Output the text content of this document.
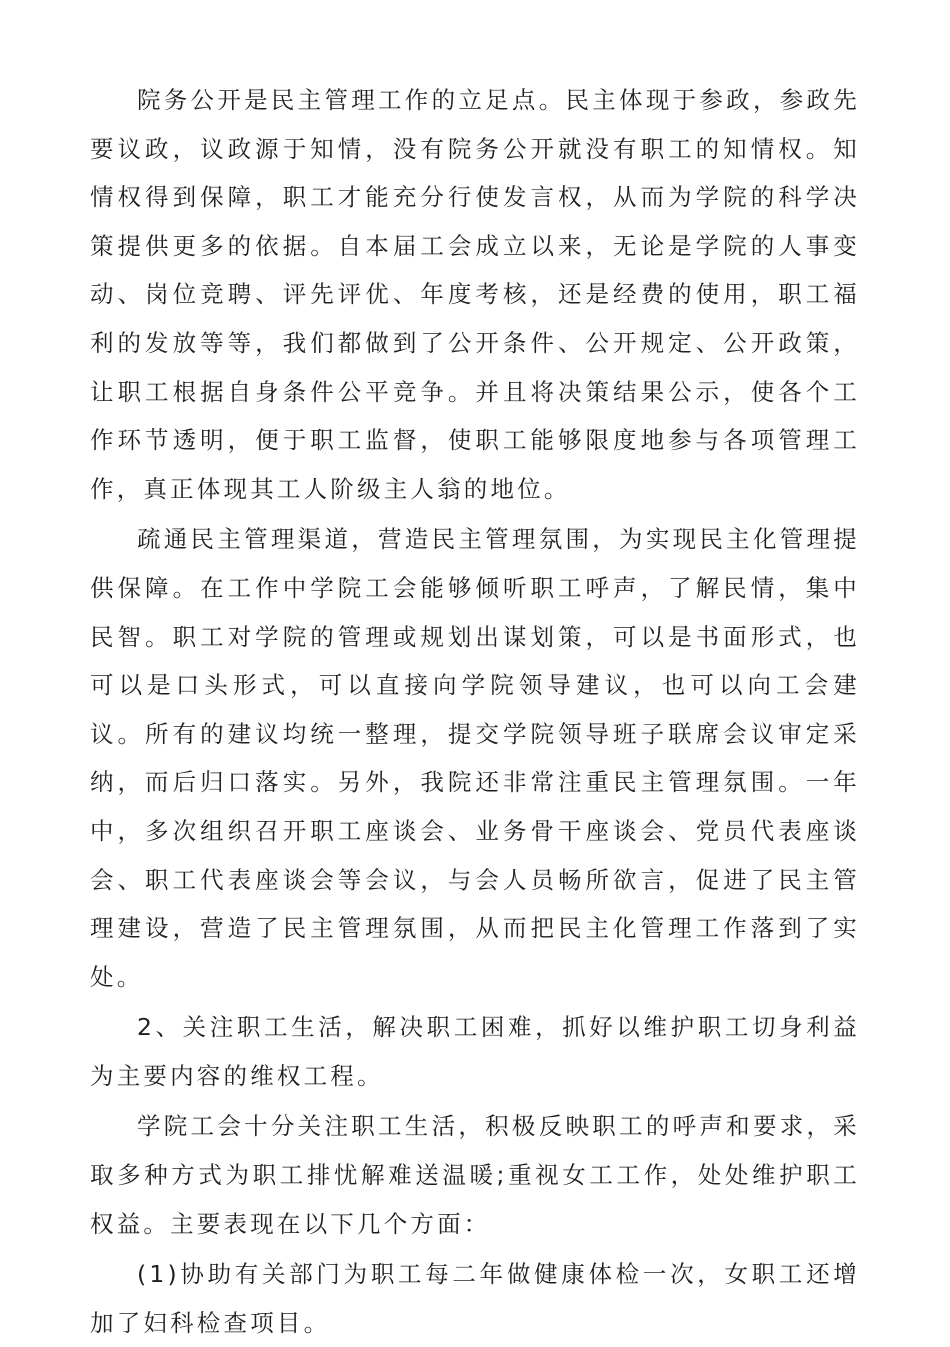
院务公开是民主管理工作的立足点。民主体现于参政，参政先要议政，议政源于知情，没有院务公开就没有职工的知情权。知情权得到保障，职工才能充分行使发言权，从而为学院的科学决策提供更多的依据。自本届工会成立以来，无论是学院的人事变动、岗位竞聘、评先评优、年度考核，还是经费的使用，职工福利的发放等等，我们都做到了公开条件、公开规定、公开政策，让职工根据自身条件公平竞争。并且将决策结果公示，使各个工作环节透明，便于职工监督，使职工能够限度地参与各项管理工作，真正体现其工人阶级主人翁的地位。

疏通民主管理渠道，营造民主管理氛围，为实现民主化管理提供保障。在工作中学院工会能够倾听职工呼声，了解民情，集中民智。职工对学院的管理或规划出谋划策，可以是书面形式，也可以是口头形式，可以直接向学院领导建议，也可以向工会建议。所有的建议均统一整理，提交学院领导班子联席会议审定采纳，而后归口落实。另外，我院还非常注重民主管理氛围。一年中，多次组织召开职工座谈会、业务骨干座谈会、党员代表座谈会、职工代表座谈会等会议，与会人员畅所欲言，促进了民主管理建设，营造了民主管理氛围，从而把民主化管理工作落到了实处。

2、关注职工生活，解决职工困难，抓好以维护职工切身利益为主要内容的维权工程。

学院工会十分关注职工生活，积极反映职工的呼声和要求，采取多种方式为职工排忧解难送温暖;重视女工工作，处处维护职工权益。主要表现在以下几个方面：

(1)协助有关部门为职工每二年做健康体检一次，女职工还增加了妇科检查项目。
